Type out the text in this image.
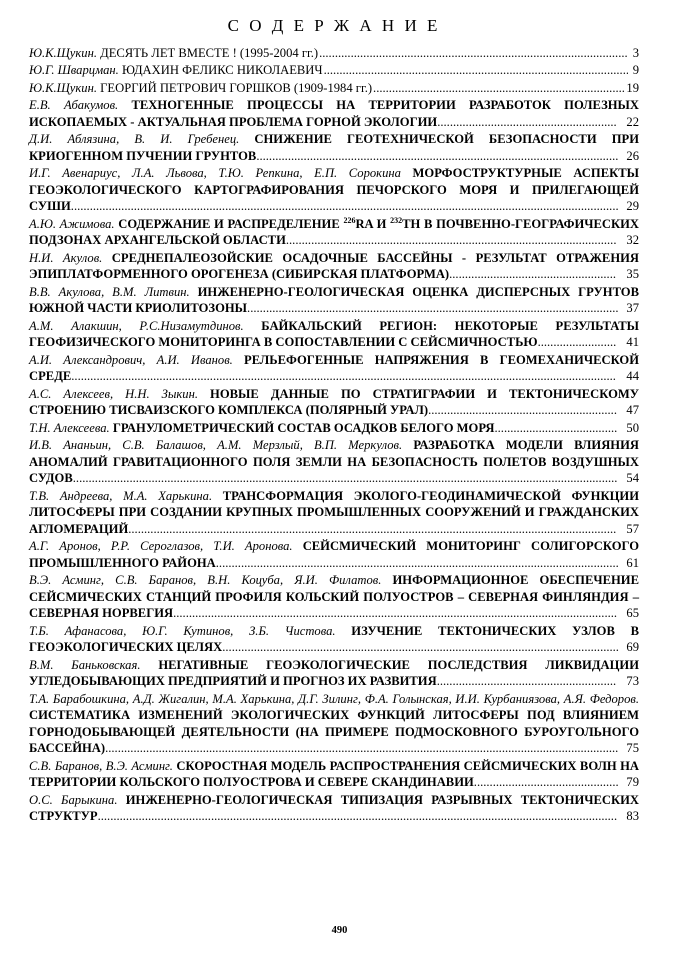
С О Д Е Р Ж А Н И Е
Ю.К.Щукин. ДЕСЯТЬ ЛЕТ ВМЕСТЕ ! (1995-2004 гг.) .....	3
Ю.Г. Шварцман. ЮДАХИН ФЕЛИКС НИКОЛАЕВИЧ .....	9
Ю.К.Щукин. ГЕОРГИЙ ПЕТРОВИЧ ГОРШКОВ (1909-1984 гг.) .....	19
Е.В. Абакумов. ТЕХНОГЕННЫЕ ПРОЦЕССЫ НА ТЕРРИТОРИИ РАЗРАБОТОК ПОЛЕЗНЫХ ИСКОПАЕМЫХ - АКТУАЛЬНАЯ ПРОБЛЕМА ГОРНОЙ ЭКОЛОГИИ......................................................... 22
Д.И. Аблязина, В. И. Гребенец. СНИЖЕНИЕ ГЕОТЕХНИЧЕСКОЙ БЕЗОПАСНОСТИ ПРИ КРИОГЕННОМ ПУЧЕНИИ ГРУНТОВ................................................................................................................... 26
И.Г. Авенариус, Л.А. Львова, Т.Ю. Репкина, Е.П. Сорокина МОРФОСТРУКТУРНЫЕ АСПЕКТЫ ГЕОЭКОЛОГИЧЕСКОГО КАРТОГРАФИРОВАНИЯ ПЕЧОРСКОГО МОРЯ И ПРИЛЕГАЮЩЕЙ СУШИ.............................................................................................................................................................................. 29
А.Ю. Ажимова. СОДЕРЖАНИЕ И РАСПРЕДЕЛЕНИЕ $^{226}$RA И $^{232}$TH В ПОЧВЕННО-ГЕОГРАФИЧЕСКИХ ПОДЗОНАХ АРХАНГЕЛЬСКОЙ ОБЛАСТИ......................................................................................................... 32
Н.И. Акулов. СРЕДНЕПАЛЕОЗОЙСКИЕ ОСАДОЧНЫЕ БАССЕЙНЫ - РЕЗУЛЬТАТ ОТРАЖЕНИЯ ЭПИПЛАТФОРМЕННОГО ОРОГЕНЕЗА (СИБИРСКАЯ ПЛАТФОРМА)..................................................... 35
В.В. Акулова, В.М. Литвин. ИНЖЕНЕРНО-ГЕОЛОГИЧЕСКАЯ ОЦЕНКА ДИСПЕРСНЫХ ГРУНТОВ ЮЖНОЙ ЧАСТИ КРИОЛИТОЗОНЫ...................................................................................................................... 37
А.М. Алакшин, Р.С.Низамутдинов. БАЙКАЛЬСКИЙ РЕГИОН: НЕКОТОРЫЕ РЕЗУЛЬТАТЫ ГЕОФИЗИЧЕСКОГО МОНИТОРИНГА В СОПОСТАВЛЕНИИ С СЕЙСМИЧНОСТЬЮ......................... 41
А.И. Александрович, А.И. Иванов. РЕЛЬЕФОГЕННЫЕ НАПРЯЖЕНИЯ В ГЕОМЕХАНИЧЕСКОЙ СРЕДЕ............................................................................................................................................................................. 44
А.С. Алексеев, Н.Н. Зыкин. НОВЫЕ ДАННЫЕ ПО СТРАТИГРАФИИ И ТЕКТОНИЧЕСКОМУ СТРОЕНИЮ ТИСВАИЗСКОГО КОМПЛЕКСА (ПОЛЯРНЫЙ УРАЛ)............................................................ 47
Т.Н. Алексеева. ГРАНУЛОМЕТРИЧЕСКИЙ СОСТАВ ОСАДКОВ БЕЛОГО МОРЯ....................................... 50
И.В. Ананьин, С.В. Балашов, А.М. Мерзлый, В.П. Меркулов. РАЗРАБОТКА МОДЕЛИ ВЛИЯНИЯ АНОМАЛИЙ ГРАВИТАЦИОННОГО ПОЛЯ ЗЕМЛИ НА БЕЗОПАСНОСТЬ ПОЛЕТОВ ВОЗДУШНЫХ СУДОВ............................................................................................................................................................................. 54
Т.В. Андреева, М.А. Харькина. ТРАНСФОРМАЦИЯ ЭКОЛОГО-ГЕОДИНАМИЧЕСКОЙ ФУНКЦИИ ЛИТОСФЕРЫ ПРИ СОЗДАНИИ КРУПНЫХ ПРОМЫШЛЕННЫХ СООРУЖЕНИЙ И ГРАЖДАНСКИХ АГЛОМЕРАЦИЙ........................................................................................................................................................... 57
А.Г. Аронов, Р.Р. Сероглазов, Т.И. Аронова. СЕЙСМИЧЕСКИЙ МОНИТОРИНГ СОЛИГОРСКОГО ПРОМЫШЛЕННОГО РАЙОНА................................................................................................................................ 61
В.Э. Асминг, С.В. Баранов, В.Н. Коцуба, Я.И. Филатов. ИНФОРМАЦИОННОЕ ОБЕСПЕЧЕНИЕ СЕЙСМИЧЕСКИХ СТАНЦИЙ ПРОФИЛЯ КОЛЬСКИЙ ПОЛУОСТРОВ – СЕВЕРНАЯ ФИНЛЯНДИЯ – СЕВЕРНАЯ НОРВЕГИЯ............................................................................................................................................. 65
Т.Б. Афанасова, Ю.Г. Кутинов, З.Б. Чистова. ИЗУЧЕНИЕ ТЕКТОНИЧЕСКИХ УЗЛОВ В ГЕОЭКОЛОГИЧЕСКИХ ЦЕЛЯХ.............................................................................................................................. 69
В.М. Баньковская. НЕГАТИВНЫЕ ГЕОЭКОЛОГИЧЕСКИЕ ПОСЛЕДСТВИЯ ЛИКВИДАЦИИ УГЛЕДОБЫВАЮЩИХ ПРЕДПРИЯТИЙ И ПРОГНОЗ ИХ РАЗВИТИЯ......................................................... 73
Т.А. Барабошкина, А.Д. Жигалин, М.А. Харькина, Д.Г. Зилинг, Ф.А. Голынская, И.И. Курбаниязова, А.Я. Федоров. СИСТЕМАТИКА ИЗМЕНЕНИЙ ЭКОЛОГИЧЕСКИХ ФУНКЦИЙ ЛИТОСФЕРЫ ПОД ВЛИЯНИЕМ ГОРНОДОБЫВАЮЩЕЙ ДЕЯТЕЛЬНОСТИ (НА ПРИМЕРЕ ПОДМОСКОВНОГО БУРОУГОЛЬНОГО БАССЕЙНА)................................................................................................................................................................... 75
С.В. Баранов, В.Э. Асминг. СКОРОСТНАЯ МОДЕЛЬ РАСПРОСТРАНЕНИЯ СЕЙСМИЧЕСКИХ ВОЛН НА ТЕРРИТОРИИ КОЛЬСКОГО ПОЛУОСТРОВА И СЕВЕРЕ СКАНДИНАВИИ.............................................. 79
О.С. Барыкина. ИНЖЕНЕРНО-ГЕОЛОГИЧЕСКАЯ ТИПИЗАЦИЯ РАЗРЫВНЫХ ТЕКТОНИЧЕСКИХ СТРУКТУР..................................................................................................................................................................... 83
490
